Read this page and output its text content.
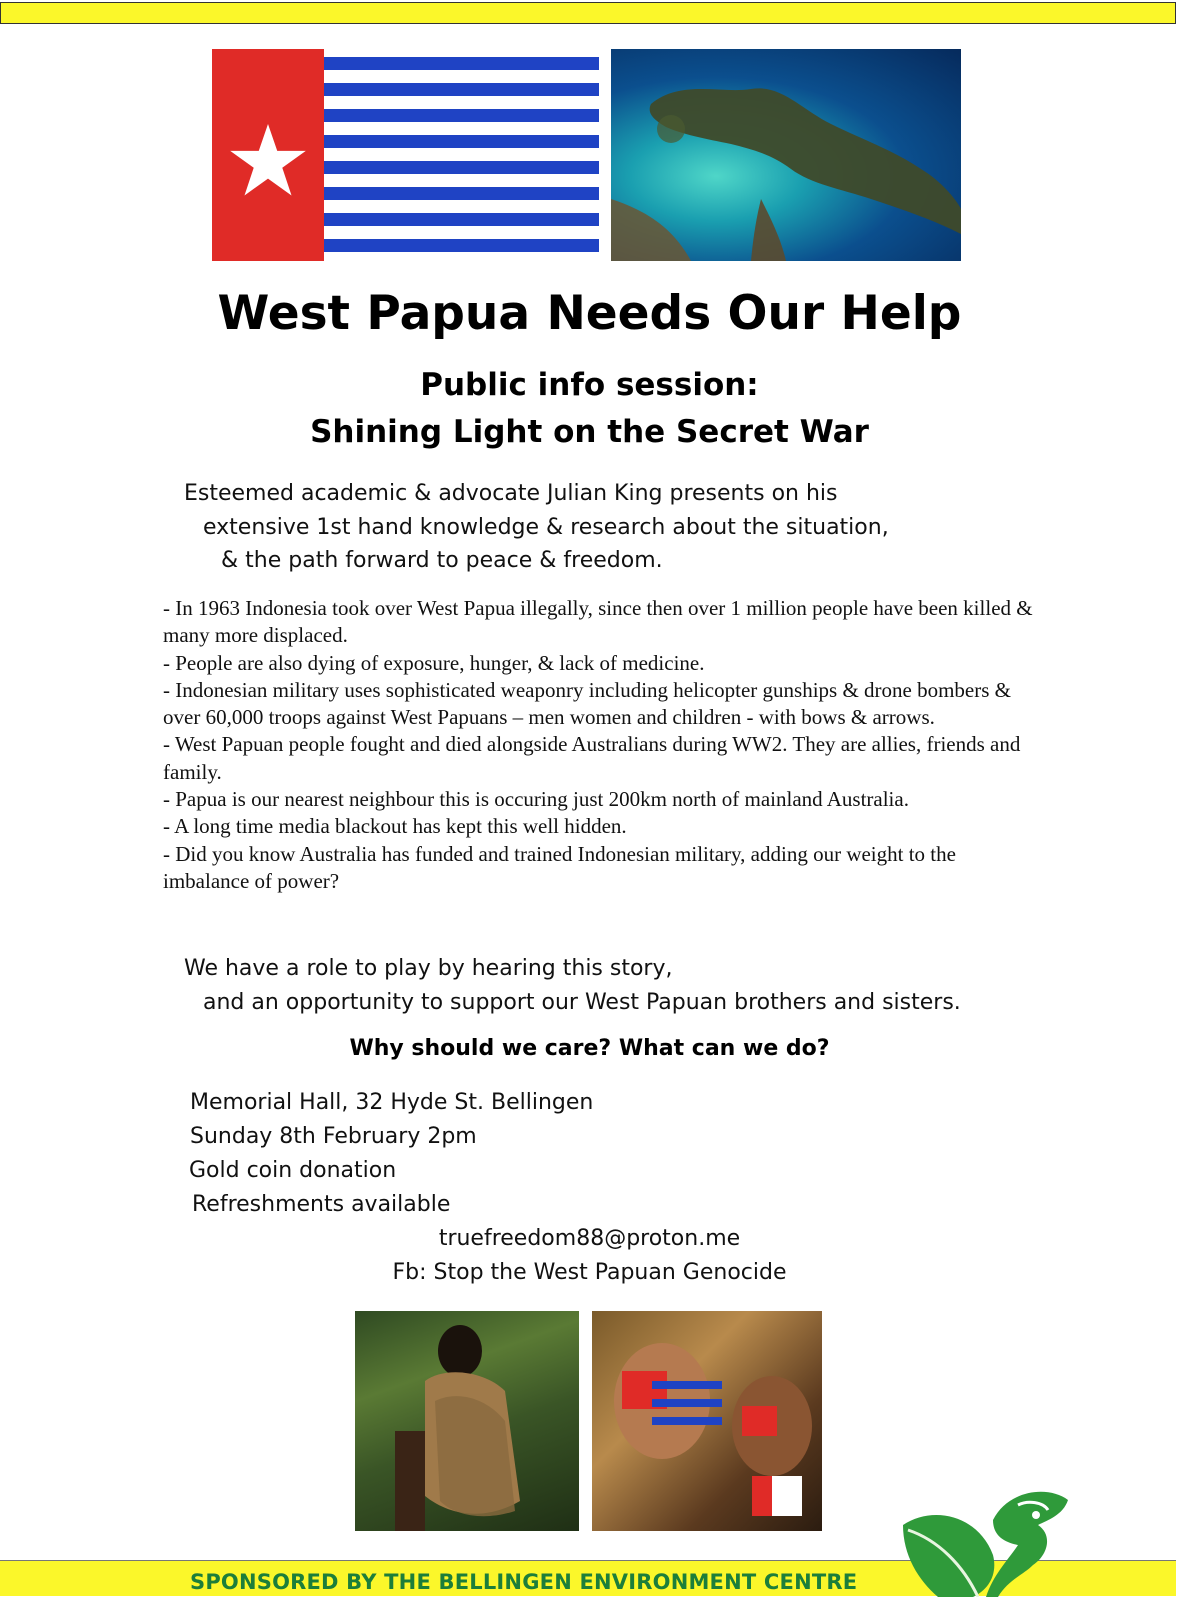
West Papua Needs Our Help
Public info session:
Shining Light on the Secret War
Esteemed academic & advocate Julian King presents on his
extensive 1st hand knowledge & research about the situation,
& the path forward to peace & freedom.
- In 1963 Indonesia took over West Papua illegally, since then over 1 million people have been killed & many more displaced.
- People are also dying of exposure, hunger, & lack of medicine.
- Indonesian military uses sophisticated weaponry including helicopter gunships & drone bombers & over 60,000 troops against West Papuans – men women and children - with bows & arrows.
- West Papuan people fought and died alongside Australians during WW2. They are allies, friends and family.
- Papua is our nearest neighbour this is occuring just 200km north of mainland Australia.
- A long time media blackout has kept this well hidden.
- Did you know Australia has funded and trained Indonesian military, adding our weight to the imbalance of power?
We have a role to play by hearing this story,
and an opportunity to support our West Papuan brothers and sisters.
Why should we care? What can we do?
Memorial Hall, 32 Hyde St. Bellingen
Sunday 8th February 2pm
Gold coin donation
Refreshments available
truefreedom88@proton.me
Fb: Stop the West Papuan Genocide
SPONSORED BY THE BELLINGEN ENVIRONMENT CENTRE
